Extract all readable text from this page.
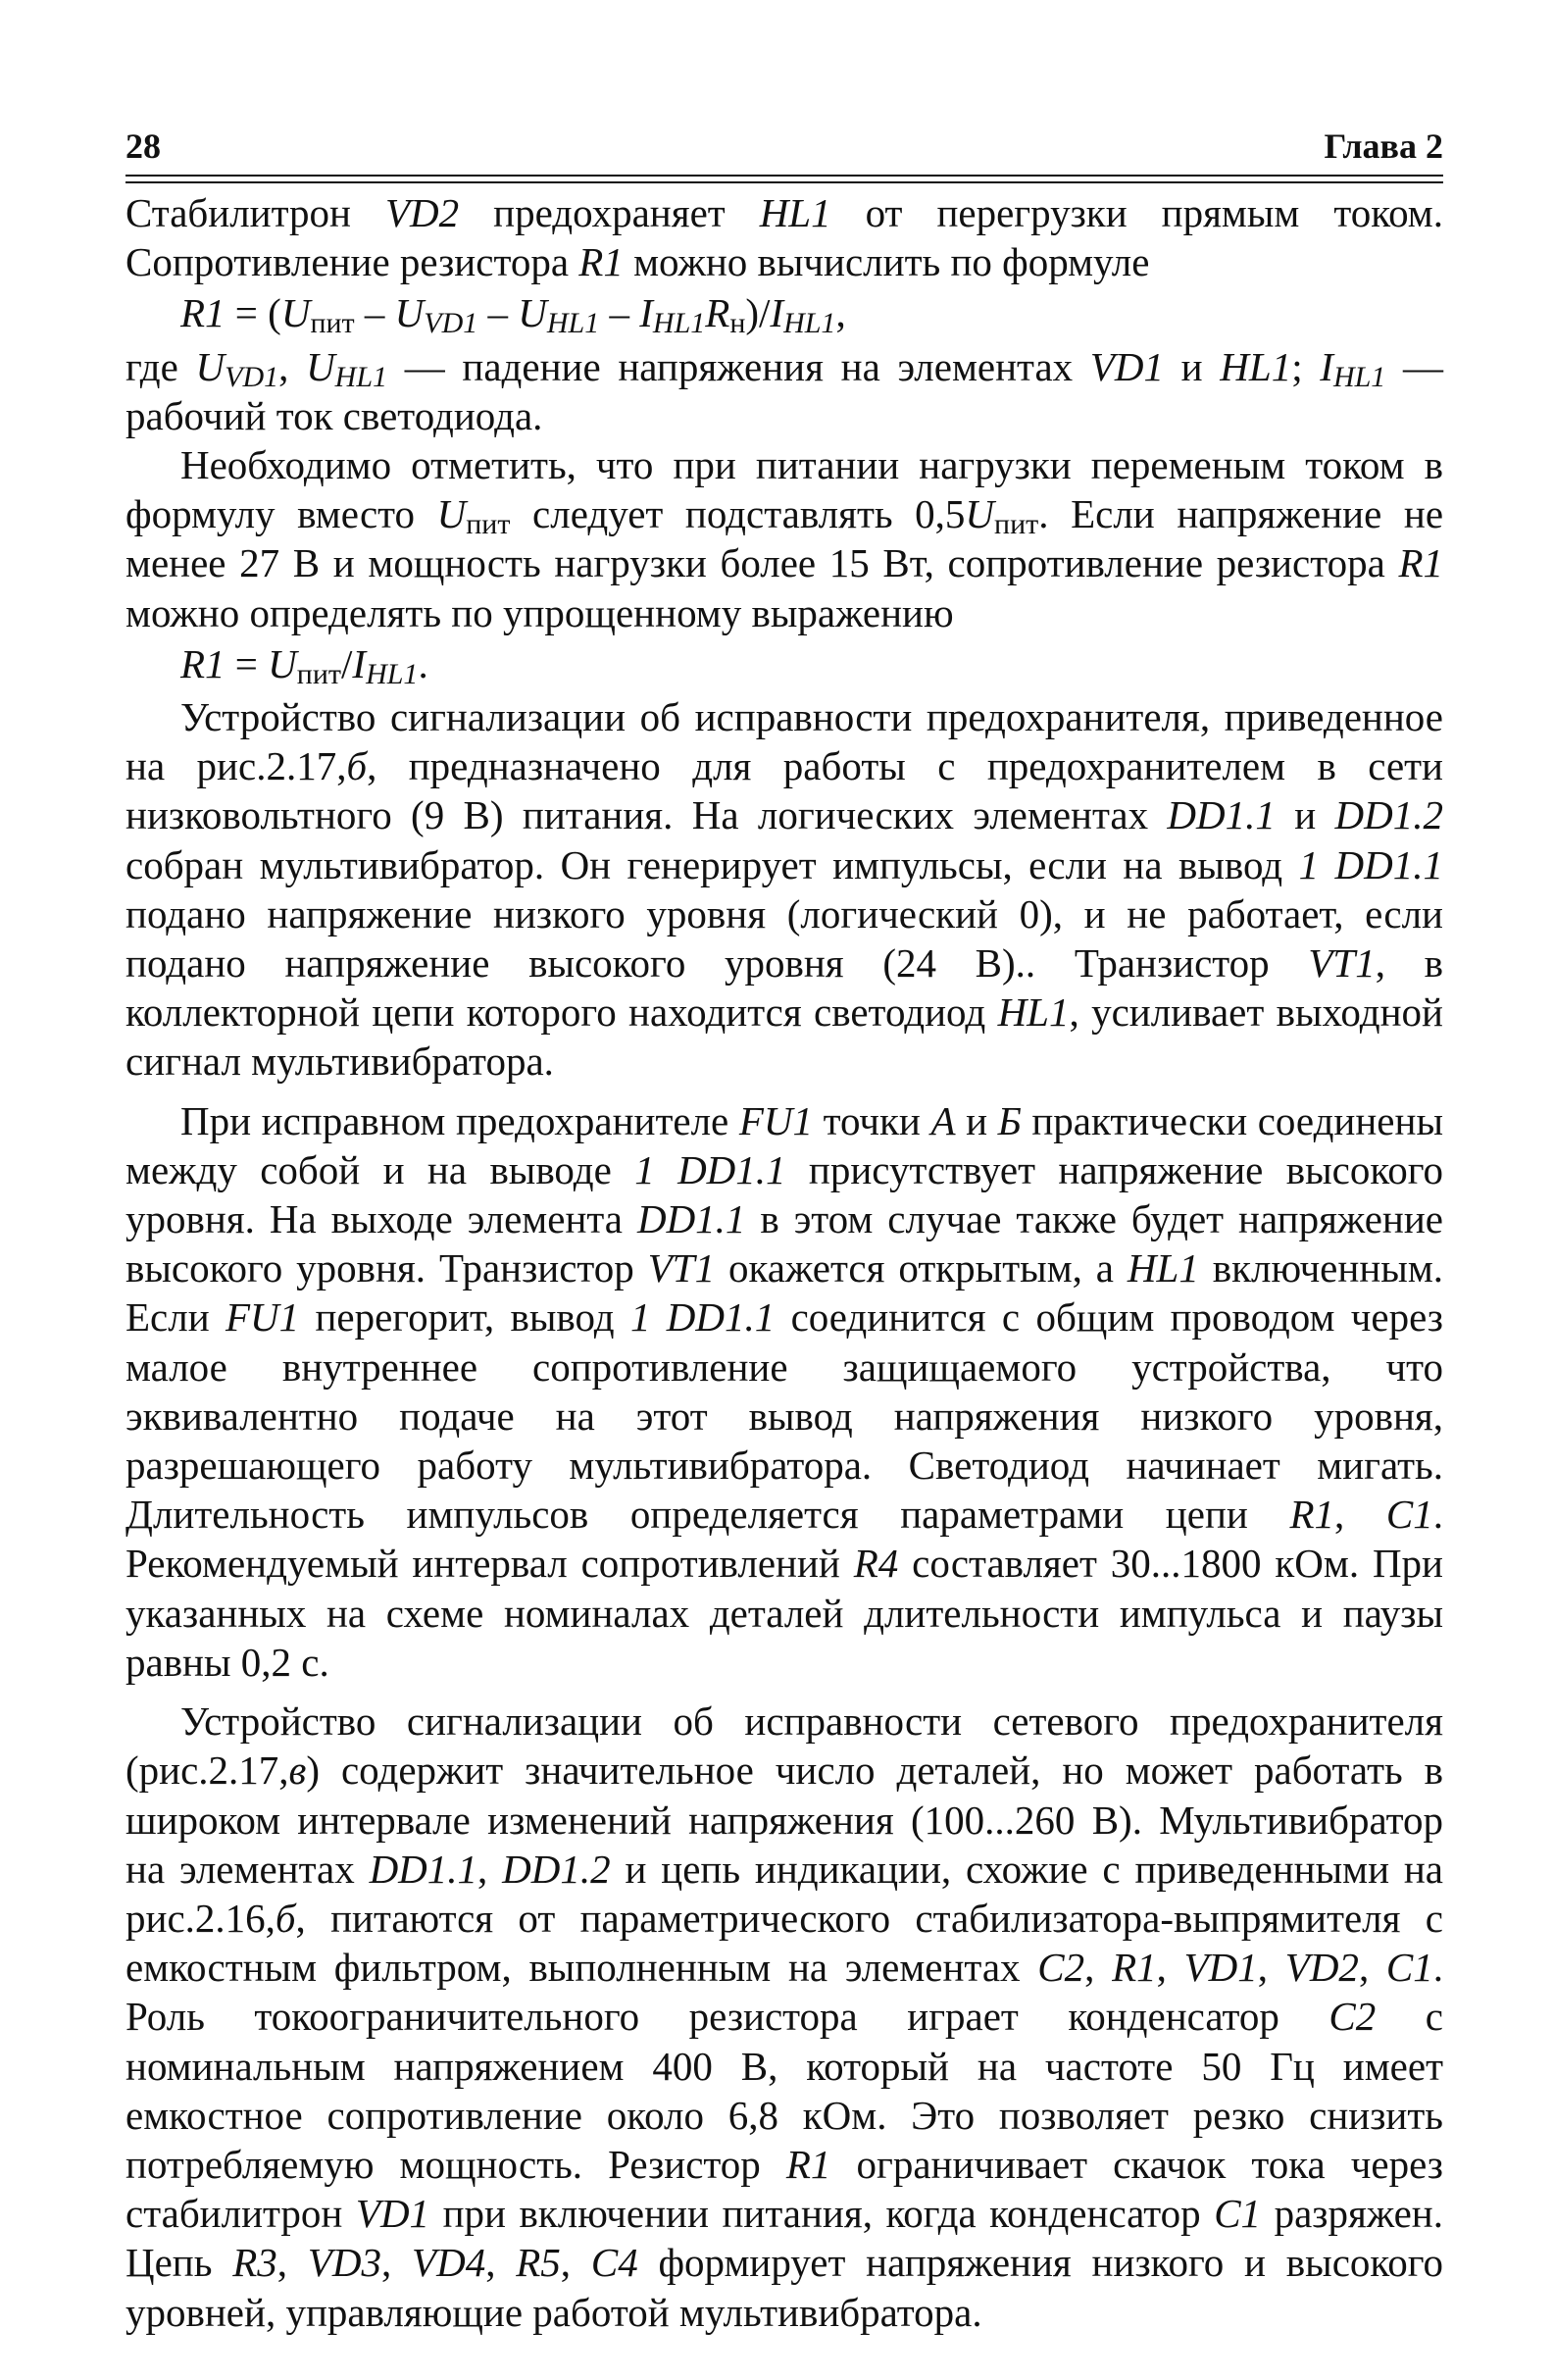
28	Глава 2

Стабилитрон VD2 предохраняет HL1 от перегрузки прямым током. Сопротивление резистора R1 можно вычислить по формуле

$R1 = (U_{пит} - U_{VD1} - U_{HL1} - I_{HL1}R_н)/I_{HL1}$,

где $U_{VD1}$, $U_{HL1}$ — падение напряжения на элементах VD1 и HL1; $I_{HL1}$ — рабочий ток светодиода.

Необходимо отметить, что при питании нагрузки переменым током в формулу вместо $U_{пит}$ следует подставлять $0,5U_{пит}$. Если напряжение не менее 27 В и мощность нагрузки более 15 Вт, сопротивление резистора R1 можно определять по упрощенному выражению

$R1 = U_{пит}/I_{HL1}$.

Устройство сигнализации об исправности предохранителя, приведенное на рис.2.17,б, предназначено для работы с предохранителем в сети низковольтного (9 В) питания. На логических элементах DD1.1 и DD1.2 собран мультивибратор. Он генерирует импульсы, если на вывод 1 DD1.1 подано напряжение низкого уровня (логический 0), и не работает, если подано напряжение высокого уровня (24 В).. Транзистор VT1, в коллекторной цепи которого находится светодиод HL1, усиливает выходной сигнал мультивибратора.

При исправном предохранителе FU1 точки А и Б практически соединены между собой и на выводе 1 DD1.1 присутствует напряжение высокого уровня. На выходе элемента DD1.1 в этом случае также будет напряжение высокого уровня. Транзистор VT1 окажется открытым, а HL1 включенным. Если FU1 перегорит, вывод 1 DD1.1 соединится с общим проводом через малое внутреннее сопротивление защищаемого устройства, что эквивалентно подаче на этот вывод напряжения низкого уровня, разрешающего работу мультивибратора. Светодиод начинает мигать. Длительность импульсов определяется параметрами цепи R1, C1. Рекомендуемый интервал сопротивлений R4 составляет 30...1800 кОм. При указанных на схеме номиналах деталей длительности импульса и паузы равны 0,2 с.

Устройство сигнализации об исправности сетевого предохранителя (рис.2.17,в) содержит значительное число деталей, но может работать в широком интервале изменений напряжения (100...260 В). Мультивибратор на элементах DD1.1, DD1.2 и цепь индикации, схожие с приведенными на рис.2.16,б, питаются от параметрического стабилизатора-выпрямителя с емкостным фильтром, выполненным на элементах C2, R1, VD1, VD2, C1. Роль токоограничительного резистора играет конденсатор C2 с номинальным напряжением 400 В, который на частоте 50 Гц имеет емкостное сопротивление около 6,8 кОм. Это позволяет резко снизить потребляемую мощность. Резистор R1 ограничивает скачок тока через стабилитрон VD1 при включении питания, когда конденсатор C1 разряжен. Цепь R3, VD3, VD4, R5, C4 формирует напряжения низкого и высокого уровней, управляющие работой мультивибратора.
